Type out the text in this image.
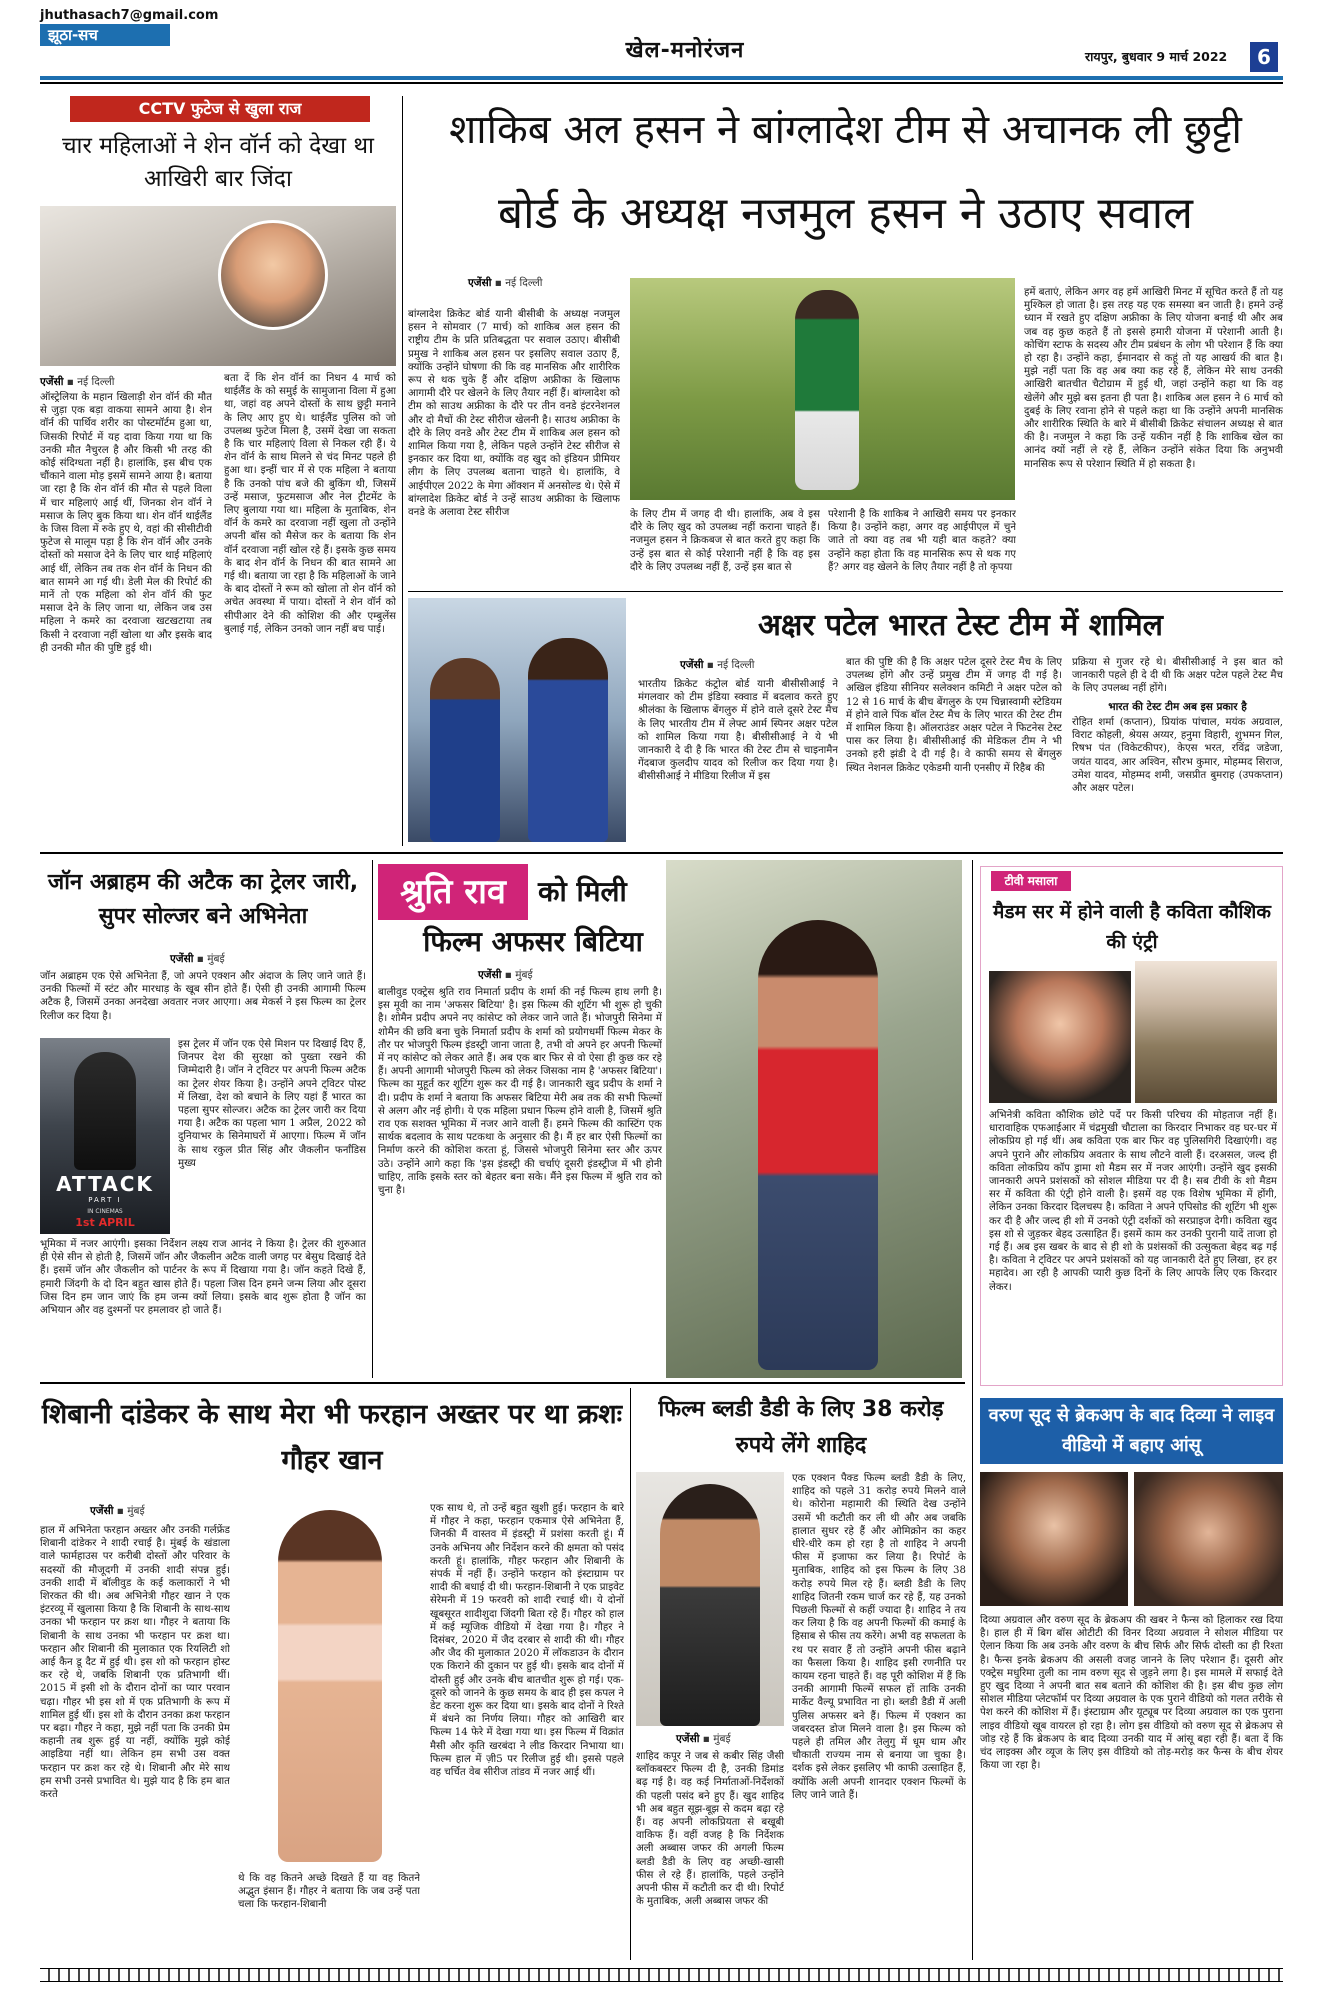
jhuthasach7@gmail.com
झूठा-सच
खेल-मनोरंजन	रायपुर, बुधवार 9 मार्च 2022	6
CCTV फुटेज से खुला राज
चार महिलाओं ने शेन वॉर्न को देखा था आखिरी बार जिंदा
एजेंसी ▪ नई दिल्ली
ऑस्ट्रेलिया के महान खिलाड़ी शेन वॉर्न की मौत से जुड़ा एक बड़ा वाकया सामने आया है। शेन वॉर्न की पार्थिव शरीर का पोस्टमॉर्टम हुआ था, जिसकी रिपोर्ट में यह दावा किया गया था कि उनकी मौत नैचुरल है और किसी भी तरह की कोई संदिग्धता नहीं है। हालांकि, इस बीच एक चौंकाने वाला मोड़ इसमें सामने आया है। बताया जा रहा है कि शेन वॉर्न की मौत से पहले विला में चार महिलाएं आई थीं, जिनका शेन वॉर्न ने मसाज के लिए बुक किया था। शेन वॉर्न थाईलैंड के जिस विला में रुके हुए थे, वहां की सीसीटीवी फुटेज से मालूम पड़ा है कि शेन वॉर्न और उनके दोस्तों को मसाज देने के लिए चार थाई महिलाएं आई थीं, लेकिन तब तक शेन वॉर्न के निधन की बात सामने आ गई थी। डेली मेल की रिपोर्ट की मानें तो एक महिला को शेन वॉर्न की फुट मसाज देने के लिए जाना था, लेकिन जब उस महिला ने कमरे का दरवाजा खटखटाया तब किसी ने दरवाजा नहीं खोला था और इसके बाद ही उनकी मौत की पुष्टि हुई थी।
बता दें कि शेन वॉर्न का निधन 4 मार्च को थाईलैंड के को समुई के सामुजाना विला में हुआ था, जहां वह अपने दोस्तों के साथ छुट्टी मनाने के लिए आए हुए थे। थाईलैंड पुलिस को जो उपलब्ध फुटेज मिला है, उसमें देखा जा सकता है कि चार महिलाएं विला से निकल रही हैं। ये शेन वॉर्न के साथ मिलने से चंद मिनट पहले ही हुआ था। इन्हीं चार में से एक महिला ने बताया है कि उनको पांच बजे की बुकिंग थी, जिसमें उन्हें मसाज, फुटमसाज और नेल ट्रीटमेंट के लिए बुलाया गया था। महिला के मुताबिक, शेन वॉर्न के कमरे का दरवाजा नहीं खुला तो उन्होंने अपनी बॉस को मैसेज कर के बताया कि शेन वॉर्न दरवाजा नहीं खोल रहे हैं। इसके कुछ समय के बाद शेन वॉर्न के निधन की बात सामने आ गई थी। बताया जा रहा है कि महिलाओं के जाने के बाद दोस्तों ने रूम को खोला तो शेन वॉर्न को अचेत अवस्था में पाया। दोस्तों ने शेन वॉर्न को सीपीआर देने की कोशिश की और एम्बुलेंस बुलाई गई, लेकिन उनको जान नहीं बच पाई।
शाकिब अल हसन ने बांग्लादेश टीम से अचानक ली छुट्टी
बोर्ड के अध्यक्ष नजमुल हसन ने उठाए सवाल
एजेंसी ▪ नई दिल्ली
बांग्लादेश क्रिकेट बोर्ड यानी बीसीबी के अध्यक्ष नजमुल हसन ने सोमवार (7 मार्च) को शाकिब अल हसन की राष्ट्रीय टीम के प्रति प्रतिबद्धता पर सवाल उठाए। बीसीबी प्रमुख ने शाकिब अल हसन पर इसलिए सवाल उठाए हैं, क्योंकि उन्होंने घोषणा की कि वह मानसिक और शारीरिक रूप से थक चुके हैं और दक्षिण अफ्रीका के खिलाफ आगामी दौरे पर खेलने के लिए तैयार नहीं हैं। बांग्लादेश को टीम को साउथ अफ्रीका के दौरे पर तीन वनडे इंटरनेशनल और दो मैचों की टेस्ट सीरीज खेलनी है। साउथ अफ्रीका के दौरे के लिए वनडे और टेस्ट टीम में शाकिब अल हसन को शामिल किया गया है, लेकिन पहले उन्होंने टेस्ट सीरीज से इनकार कर दिया था, क्योंकि वह खुद को इंडियन प्रीमियर लीग के लिए उपलब्ध बताना चाहते थे। हालांकि, वे आईपीएल 2022 के मेगा ऑक्शन में अनसोल्ड थे। ऐसे में बांग्लादेश क्रिकेट बोर्ड ने उन्हें साउथ अफ्रीका के खिलाफ वनडे के अलावा टेस्ट सीरीज	के लिए टीम में जगह दी थी। हालांकि, अब वे इस दौरे के लिए खुद को उपलब्ध नहीं कराना चाहते हैं। नजमुल हसन ने क्रिकबज से बात करते हुए कहा कि उन्हें इस बात से कोई परेशानी नहीं है कि वह इस दौरे के लिए उपलब्ध नहीं हैं, उन्हें इस बात से
परेशानी है कि शाकिब ने आखिरी समय पर इनकार किया है। उन्होंने कहा, अगर वह आईपीएल में चुने जाते तो क्या वह तब भी यही बात कहते? क्या उन्होंने कहा होता कि वह मानसिक रूप से थक गए हैं? अगर वह खेलने के लिए तैयार नहीं है तो कृपया
हमें बताएं, लेकिन अगर वह हमें आखिरी मिनट में सूचित करते हैं तो यह मुश्किल हो जाता है। इस तरह यह एक समस्या बन जाती है। हमने उन्हें ध्यान में रखते हुए दक्षिण अफ्रीका के लिए योजना बनाई थी और अब जब वह कुछ कहते हैं तो इससे हमारी योजना में परेशानी आती है। कोचिंग स्टाफ के सदस्य और टीम प्रबंधन के लोग भी परेशान हैं कि क्या हो रहा है। उन्होंने कहा, ईमानदार से कहूं तो यह आखर्य की बात है। मुझे नहीं पता कि वह अब क्या कह रहे हैं, लेकिन मेरे साथ उनकी आखिरी बातचीत चैटोग्राम में हुई थी, जहां उन्होंने कहा था कि वह खेलेंगे और मुझे बस इतना ही पता है। शाकिब अल हसन ने 6 मार्च को दुबई के लिए रवाना होने से पहले कहा था कि उन्होंने अपनी मानसिक और शारीरिक स्थिति के बारे में बीसीबी क्रिकेट संचालन अध्यक्ष से बात की है। नजमुल ने कहा कि उन्हें यकीन नहीं है कि शाकिब खेल का आनंद क्यों नहीं ले रहे हैं, लेकिन उन्होंने संकेत दिया कि अनुभवी मानसिक रूप से परेशान स्थिति में हो सकता है।
अक्षर पटेल भारत टेस्ट टीम में शामिल
एजेंसी ▪ नई दिल्ली
भारतीय क्रिकेट कंट्रोल बोर्ड यानी बीसीसीआई ने मंगलवार को टीम इंडिया स्क्वाड में बदलाव करते हुए श्रीलंका के खिलाफ बेंगलुरु में होने वाले दूसरे टेस्ट मैच के लिए भारतीय टीम में लेफ्ट आर्म स्पिनर अक्षर पटेल को शामिल किया गया है। बीसीसीआई ने ये भी जानकारी दे दी है कि भारत की टेस्ट टीम से चाइनामैन गेंदबाज कुलदीप यादव को रिलीज कर दिया गया है। बीसीसीआई ने मीडिया रिलीज में इस
बात की पुष्टि की है कि अक्षर पटेल दूसरे टेस्ट मैच के लिए उपलब्ध होंगे और उन्हें प्रमुख टीम में जगह दी गई है। अखिल इंडिया सीनियर सलेक्शन कमिटी ने अक्षर पटेल को 12 से 16 मार्च के बीच बेंगलुरु के एम चिन्नास्वामी स्टेडियम में होने वाले पिंक बॉल टेस्ट मैच के लिए भारत की टेस्ट टीम में शामिल किया है। ऑलराउंडर अक्षर पटेल ने फिटनेस टेस्ट पास कर लिया है। बीसीसीआई की मेडिकल टीम ने भी उनको हरी झंडी दे दी गई है। वे काफी समय से बेंगलुरु स्थित नेशनल क्रिकेट एकेडमी यानी एनसीए में रिहैब की
प्रक्रिया से गुजर रहे थे। बीसीसीआई ने इस बात को जानकारी पहले ही दे दी थी कि अक्षर पटेल पहले टेस्ट मैच के लिए उपलब्ध नहीं होंगे।
भारत की टेस्ट टीम अब इस प्रकार है
रोहित शर्मा (कप्तान), प्रियांक पांचाल, मयंक अग्रवाल, विराट कोहली, श्रेयस अय्यर, हनुमा विहारी, शुभमन गिल, रिषभ पंत (विकेटकीपर), केएस भरत, रविंद्र जडेजा, जयंत यादव, आर अश्विन, सौरभ कुमार, मोहम्मद सिराज, उमेश यादव, मोहम्मद शमी, जसप्रीत बुमराह (उपकप्तान) और अक्षर पटेल।
जॉन अब्राहम की अटैक का ट्रेलर जारी, सुपर सोल्जर बने अभिनेता
एजेंसी ▪ मुंबई
जॉन अब्राहम एक ऐसे अभिनेता हैं, जो अपने एक्शन और अंदाज के लिए जाने जाते हैं। उनकी फिल्मों में स्टंट और मारधाड़ के खूब सीन होते हैं। ऐसी ही उनकी आगामी फिल्म अटैक है, जिसमें उनका अनदेखा अवतार नजर आएगा। अब मेकर्स ने इस फिल्म का ट्रेलर रिलीज कर दिया है।
ATTACK
PART I
IN CINEMAS
1st APRIL
इस ट्रेलर में जॉन एक ऐसे मिशन पर दिखाई दिए हैं, जिनपर देश की सुरक्षा को पुख्ता रखने की जिम्मेदारी है। जॉन ने ट्विटर पर अपनी फिल्म अटैक का ट्रेलर शेयर किया है। उन्होंने अपने ट्विटर पोस्ट में लिखा, देश को बचाने के लिए यहां हैं भारत का पहला सुपर सोल्जर। अटैक का ट्रेलर जारी कर दिया गया है। अटैक का पहला भाग 1 अप्रैल, 2022 को दुनियाभर के सिनेमाघरों में आएगा। फिल्म में जॉन के साथ रकुल प्रीत सिंह और जैकलीन फर्नांडिस मुख्य
भूमिका में नजर आएंगी। इसका निर्देशन लक्ष्य राज आनंद ने किया है। ट्रेलर की शुरुआत ही ऐसे सीन से होती है, जिसमें जॉन और जैकलीन अटैक वाली जगह पर बेसुध दिखाई देते हैं। इसमें जॉन और जैकलीन को पार्टनर के रूप में दिखाया गया है। जॉन कहते दिखे हैं, हमारी जिंदगी के दो दिन बहुत खास होते हैं। पहला जिस दिन हमने जन्म लिया और दूसरा जिस दिन हम जान जाएं कि हम जन्म क्यों लिया। इसके बाद शुरू होता है जॉन का अभियान और वह दुश्मनों पर हमलावर हो जाते हैं।
श्रुति राव	को मिली
फिल्म अफसर बिटिया
एजेंसी ▪ मुंबई
बालीवुड एक्ट्रेस श्रुति राव निमार्ता प्रदीप के शर्मा की नई फिल्म हाथ लगी है। इस मूवी का नाम 'अफसर बिटिया' है। इस फिल्म की शूटिंग भी शुरू हो चुकी है। शोमैन प्रदीप अपने नए कांसेप्ट को लेकर जाने जाते हैं। भोजपुरी सिनेमा में शोमैन की छवि बना चुके निमार्ता प्रदीप के शर्मा को प्रयोगधर्मी फिल्म मेकर के तौर पर भोजपुरी फिल्म इंडस्ट्री जाना जाता है, तभी वो अपने हर अपनी फिल्मों में नए कांसेप्ट को लेकर आते हैं। अब एक बार फिर से वो ऐसा ही कुछ कर रहे हैं। अपनी आगामी भोजपुरी फिल्म को लेकर जिसका नाम है 'अफसर बिटिया'। फिल्म का मुहूर्त कर शूटिंग शुरू कर दी गई है। जानकारी खुद प्रदीप के शर्मा ने दी। प्रदीप के शर्मा ने बताया कि अफसर बिटिया मेरी अब तक की सभी फिल्मों से अलग और नई होगी। ये एक महिला प्रधान फिल्म होने वाली है, जिसमें श्रुति राव एक सशक्त भूमिका में नजर आने वाली हैं। हमने फिल्म की कास्टिंग एक सार्थक बदलाव के साथ पटकथा के अनुसार की है। मैं हर बार ऐसी फिल्मों का निर्माण करने की कोशिश करता हूं, जिससे भोजपुरी सिनेमा स्तर और ऊपर उठे। उन्होंने आगे कहा कि 'इस इंडस्ट्री की चर्चाएं दूसरी इंडस्ट्रीज में भी होनी चाहिए, ताकि इसके स्तर को बेहतर बना सके। मैंने इस फिल्म में श्रुति राव को चुना है।
टीवी मसाला
मैडम सर में होने वाली है कविता कौशिक की एंट्री
अभिनेत्री कविता कौशिक छोटे पर्दे पर किसी परिचय की मोहताज नहीं हैं। धारावाहिक एफआईआर में चंद्रमुखी चौटाला का किरदार निभाकर वह घर-घर में लोकप्रिय हो गई थीं। अब कविता एक बार फिर वह पुलिसगिरी दिखाएंगी। वह अपने पुराने और लोकप्रिय अवतार के साथ लौटने वाली हैं। दरअसल, जल्द ही कविता लोकप्रिय कॉप ड्रामा शो मैडम सर में नजर आएंगी। उन्होंने खुद इसकी जानकारी अपने प्रशंसकों को सोशल मीडिया पर दी है। सब टीवी के शो मैडम सर में कविता की एंट्री होने वाली है। इसमें वह एक विशेष भूमिका में होंगी, लेकिन उनका किरदार दिलचस्प है। कविता ने अपने एपिसोड की शूटिंग भी शुरू कर दी है और जल्द ही शो में उनको एंट्री दर्शकों को सरप्राइज देगी। कविता खुद इस शो से जुड़कर बेहद उत्साहित हैं। इसमें काम कर उनकी पुरानी यादें ताजा हो गई हैं। अब इस खबर के बाद से ही शो के प्रशंसकों की उत्सुकता बेहद बढ़ गई है। कविता ने ट्विटर पर अपने प्रशंसकों को यह जानकारी देते हुए लिखा, हर हर महादेव। आ रही है आपकी प्यारी कुछ दिनों के लिए आपके लिए एक किरदार लेकर।
वरुण सूद से ब्रेकअप के बाद दिव्या ने लाइव वीडियो में बहाए आंसू
दिव्या अग्रवाल और वरुण सूद के ब्रेकअप की खबर ने फैन्स को हिलाकर रख दिया है। हाल ही में बिग बॉस ओटीटी की विनर दिव्या अग्रवाल ने सोशल मीडिया पर ऐलान किया कि अब उनके और वरुण के बीच सिर्फ और सिर्फ दोस्ती का ही रिश्ता है। फैन्स इनके ब्रेकअप की असली वजह जानने के लिए परेशान हैं। दूसरी ओर एक्ट्रेस मधुरिमा तुली का नाम वरुण सूद से जुड़ने लगा है। इस मामले में सफाई देते हुए खुद दिव्या ने अपनी बात सब बताने की कोशिश की है। इस बीच कुछ लोग सोशल मीडिया प्लेटफॉर्म पर दिव्या अग्रवाल के एक पुराने वीडियो को गलत तरीके से पेश करने की कोशिश में हैं। इंस्टाग्राम और यूट्यूब पर दिव्या अग्रवाल का एक पुराना लाइव वीडियो खूब वायरल हो रहा है। लोग इस वीडियो को वरुण सूद से ब्रेकअप से जोड़ रहे हैं कि ब्रेकअप के बाद दिव्या उनकी याद में आंसू बहा रही हैं। बता दें कि चंद लाइक्स और व्यूज के लिए इस वीडियो को तोड़-मरोड़ कर फैन्स के बीच शेयर किया जा रहा है।
शिबानी दांडेकर के साथ मेरा भी फरहान अख्तर पर था क्रशः गौहर खान
एजेंसी ▪ मुंबई
हाल में अभिनेता फरहान अख्तर और उनकी गर्लफ्रेंड शिबानी दांडेकर ने शादी रचाई है। मुंबई के खंडाला वाले फार्महाउस पर करीबी दोस्तों और परिवार के सदस्यों की मौजूदगी में उनकी शादी संपन्न हुई। उनकी शादी में बॉलीवुड के कई कलाकारों ने भी शिरकत की थी। अब अभिनेत्री गौहर खान ने एक इंटरव्यू में खुलासा किया है कि शिबानी के साथ-साथ उनका भी फरहान पर क्रश था। गौहर ने बताया कि शिबानी के साथ उनका भी फरहान पर क्रश था। फरहान और शिबानी की मुलाकात एक रियलिटी शो आई कैन डू दैट में हुई थी। इस शो को फरहान होस्ट कर रहे थे, जबकि शिबानी एक प्रतिभागी थीं। 2015 में इसी शो के दौरान दोनों का प्यार परवान चढ़ा। गौहर भी इस शो में एक प्रतिभागी के रूप में शामिल हुई थीं। इस शो के दौरान उनका क्रश फरहान पर बढ़ा। गौहर ने कहा, मुझे नहीं पता कि उनकी प्रेम कहानी तब शुरू हुई या नहीं, क्योंकि मुझे कोई आइडिया नहीं था। लेकिन हम सभी उस वक्त फरहान पर क्रश कर रहे थे। शिबानी और मेरे साथ हम सभी उनसे प्रभावित थे। मुझे याद है कि हम बात करते
थे कि वह कितने अच्छे दिखते हैं या वह कितने अद्भुत इंसान हैं। गौहर ने बताया कि जब उन्हें पता चला कि फरहान-शिबानी
एक साथ थे, तो उन्हें बहुत खुशी हुई। फरहान के बारे में गौहर ने कहा, फरहान एकमात्र ऐसे अभिनेता हैं, जिनकी मैं वास्तव में इंडस्ट्री में प्रशंसा करती हूं। मैं उनके अभिनय और निर्देशन करने की क्षमता को पसंद करती हूं। हालांकि, गौहर फरहान और शिबानी के संपर्क में नहीं हैं। उन्होंने फरहान को इंस्टाग्राम पर शादी की बधाई दी थी। फरहान-शिबानी ने एक प्राइवेट सेरेमनी में 19 फरवरी को शादी रचाई थी। ये दोनों खूबसूरत शादीशुदा जिंदगी बिता रहे हैं। गौहर को हाल में कई म्यूजिक वीडियो में देखा गया है। गौहर ने दिसंबर, 2020 में जैद दरबार से शादी की थी। गौहर और जैद की मुलाकात 2020 में लॉकडाउन के दौरान एक किराने की दुकान पर हुई थी। इसके बाद दोनों में दोस्ती हुई और उनके बीच बातचीत शुरू हो गई। एक-दूसरे को जानने के कुछ समय के बाद ही इस कपल ने डेट करना शुरू कर दिया था। इसके बाद दोनों ने रिश्ते में बंधने का निर्णय लिया। गौहर को आखिरी बार फिल्म 14 फेरे में देखा गया था। इस फिल्म में विक्रांत मैसी और कृति खरबंदा ने लीड किरदार निभाया था। फिल्म हाल में ज़ी5 पर रिलीज हुई थी। इससे पहले वह चर्चित वेब सीरीज तांडव में नजर आई थीं।
फिल्म ब्लडी डैडी के लिए 38 करोड़ रुपये लेंगे शाहिद
एक एक्शन पैक्ड फिल्म ब्लडी डैडी के लिए, शाहिद को पहले 31 करोड़ रुपये मिलने वाले थे। कोरोना महामारी की स्थिति देख उन्होंने उसमें भी कटौती कर ली थी और अब जबकि हालात सुधर रहे हैं और ओमिक्रोन का कहर धीरे-धीरे कम हो रहा है तो शाहिद ने अपनी फीस में इजाफा कर लिया है। रिपोर्ट के मुताबिक, शाहिद को इस फिल्म के लिए 38 करोड़ रुपये मिल रहे हैं। ब्लडी डैडी के लिए शाहिद जितनी रकम चार्ज कर रहे हैं, यह उनको पिछली फिल्मों से कहीं ज्यादा है। शाहिद ने तय कर लिया है कि वह अपनी फिल्मों की कमाई के हिसाब से फीस तय करेंगे। अभी वह सफलता के रथ पर सवार हैं तो उन्होंने अपनी फीस बढ़ाने का फैसला किया है। शाहिद इसी रणनीति पर कायम रहना चाहते हैं। वह पूरी कोशिश में हैं कि उनकी आगामी फिल्में सफल हों ताकि उनकी मार्केट वैल्यू प्रभावित ना हो। ब्लडी डैडी में अली पुलिस अफसर बने हैं। फिल्म में एक्शन का जबरदस्त डोज मिलने वाला है। इस फिल्म को पहले ही तमिल और तेलुगु में धूम धाम और चौकाती राज्यम नाम से बनाया जा चुका है। दर्शक इसे लेकर इसलिए भी काफी उत्साहित हैं, क्योंकि अली अपनी शानदार एक्शन फिल्मों के लिए जाने जाते हैं।
एजेंसी ▪ मुंबई
शाहिद कपूर ने जब से कबीर सिंह जैसी ब्लॉकबस्टर फिल्म दी है, उनकी डिमांड बढ़ गई है। वह कई निर्माताओं-निर्देशकों की पहली पसंद बने हुए हैं। खुद शाहिद भी अब बहुत सूझ-बूझ से कदम बढ़ा रहे हैं। वह अपनी लोकप्रियता से बखूबी वाकिफ हैं। वहीं वजह है कि निर्देशक अली अब्बास जफर की अगली फिल्म ब्लडी डैडी के लिए वह अच्छी-खासी फीस ले रहे हैं। हालांकि, पहले उन्होंने अपनी फीस में कटौती कर दी थी। रिपोर्ट के मुताबिक, अली अब्बास जफर की
